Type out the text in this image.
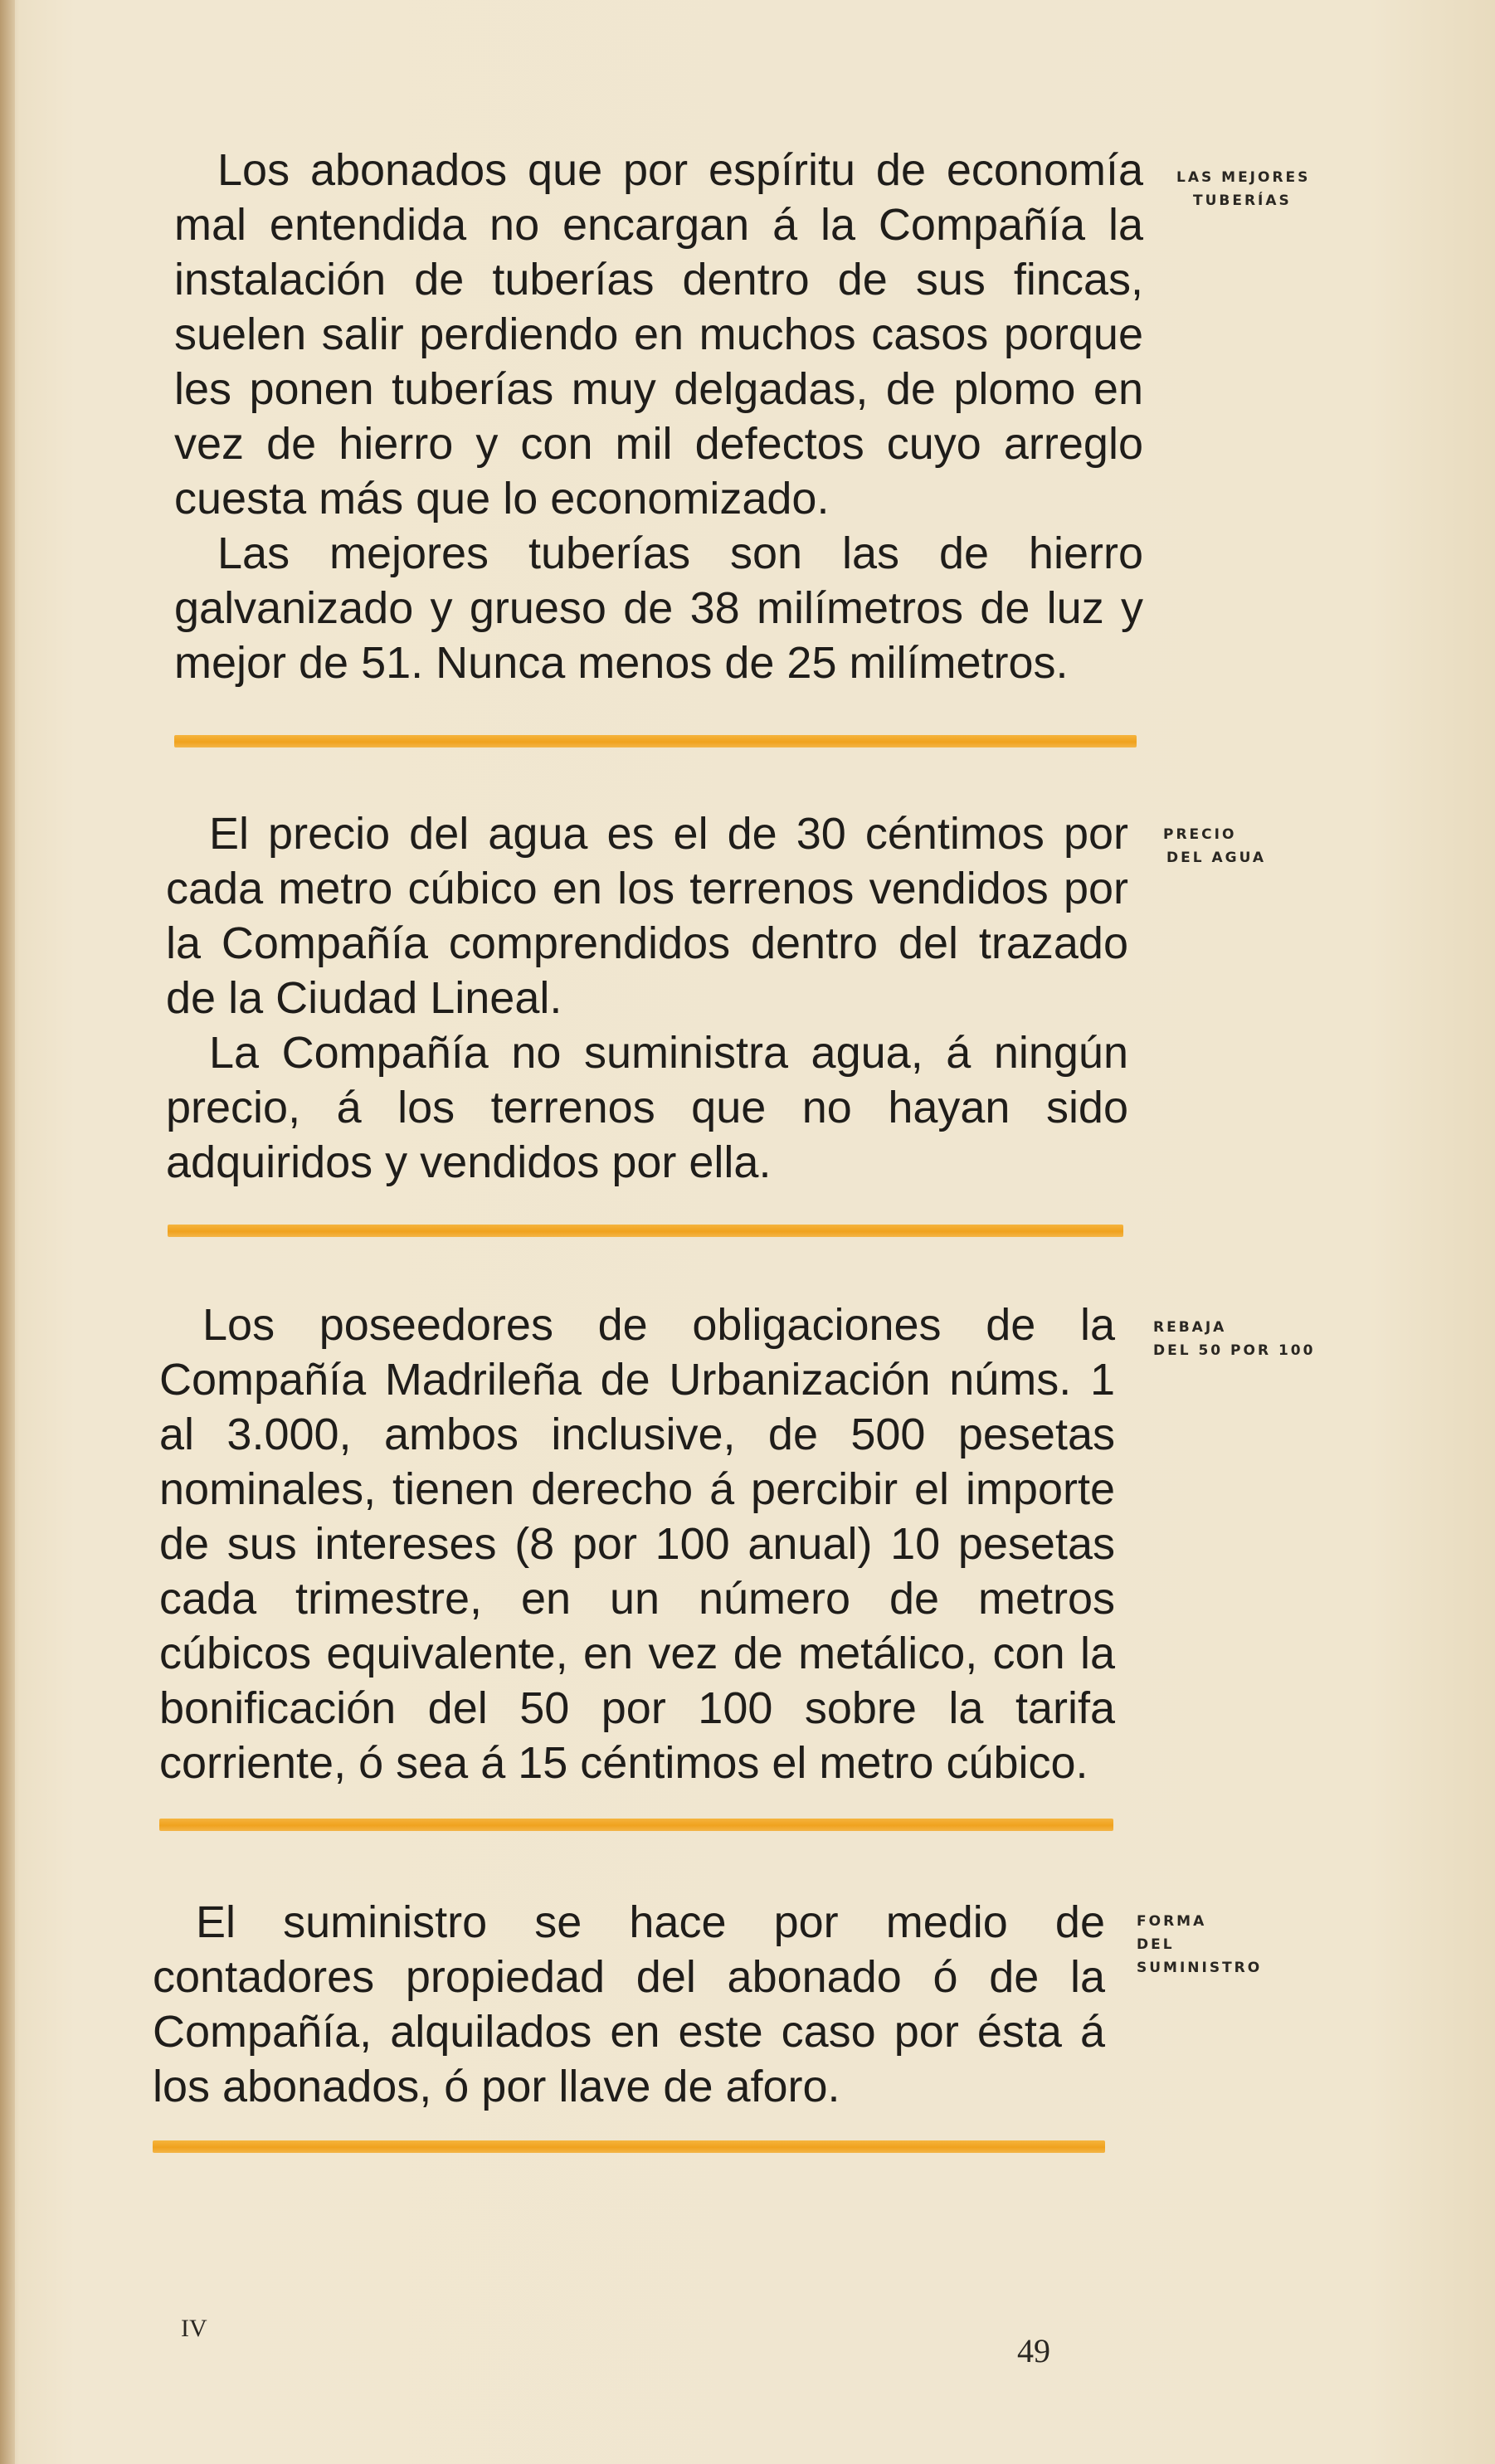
Los abonados que por espíritu de economía mal entendida no encargan á la Compañía la instalación de tuberías dentro de sus fincas, suelen salir perdiendo en muchos casos porque les ponen tuberías muy delgadas, de plomo en vez de hierro y con mil defectos cuyo arreglo cuesta más que lo economizado.

Las mejores tuberías son las de hierro galvanizado y grueso de 38 milímetros de luz y mejor de 51. Nunca menos de 25 milímetros.

LAS MEJORES
TUBERÍAS

El precio del agua es el de 30 céntimos por cada metro cúbico en los terrenos vendidos por la Compañía comprendidos dentro del trazado de la Ciudad Lineal.

La Compañía no suministra agua, á ningún precio, á los terrenos que no hayan sido adquiridos y vendidos por ella.

PRECIO
DEL AGUA

Los poseedores de obligaciones de la Compañía Madrileña de Urbanización núms. 1 al 3.000, ambos inclusive, de 500 pesetas nominales, tienen derecho á percibir el importe de sus intereses (8 por 100 anual) 10 pesetas cada trimestre, en un número de metros cúbicos equivalente, en vez de metálico, con la bonificación del 50 por 100 sobre la tarifa corriente, ó sea á 15 céntimos el metro cúbico.

REBAJA
DEL 50 POR 100

El suministro se hace por medio de contadores propiedad del abonado ó de la Compañía, alquilados en este caso por ésta á los abonados, ó por llave de aforo.

FORMA
DEL
SUMINISTRO
IV
49
